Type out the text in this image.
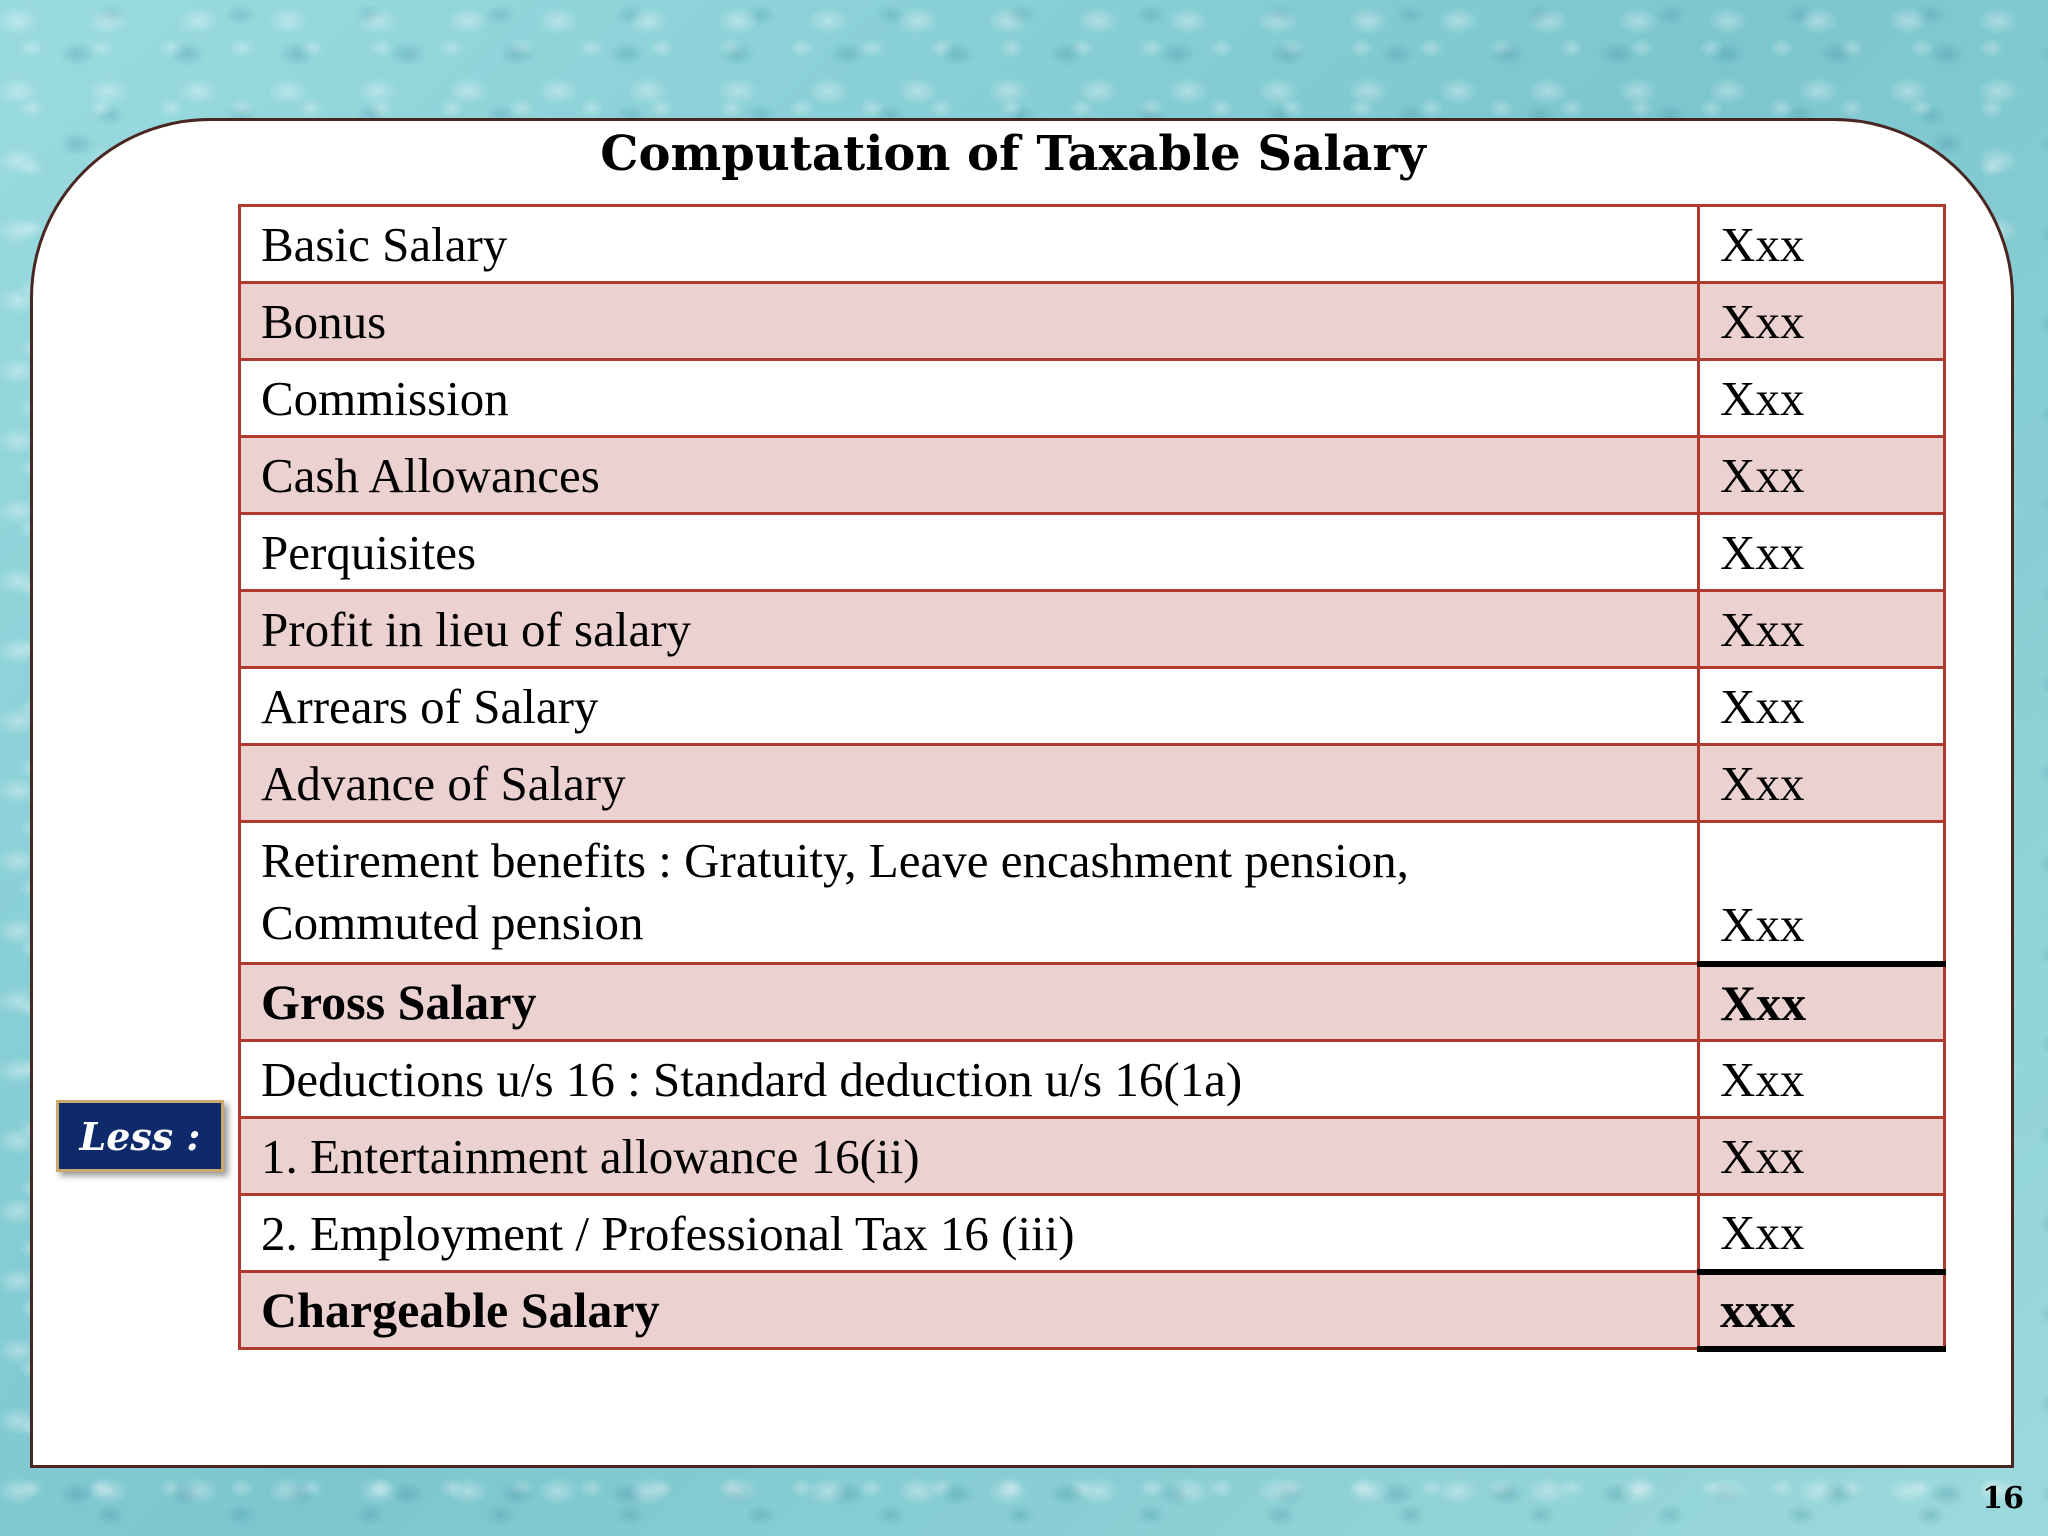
Computation of Taxable Salary
Basic Salary	Xxx
Bonus	Xxx
Commission	Xxx
Cash Allowances	Xxx
Perquisites	Xxx
Profit in lieu of salary	Xxx
Arrears of Salary	Xxx
Advance of Salary	Xxx
Retirement benefits : Gratuity, Leave encashment pension,
Commuted pension	Xxx
Gross Salary	Xxx
Deductions u/s 16 : Standard deduction u/s 16(1a)	Xxx
1. Entertainment allowance 16(ii)	Xxx
2. Employment / Professional Tax 16 (iii)	Xxx
Chargeable Salary	xxx
Less :
16
